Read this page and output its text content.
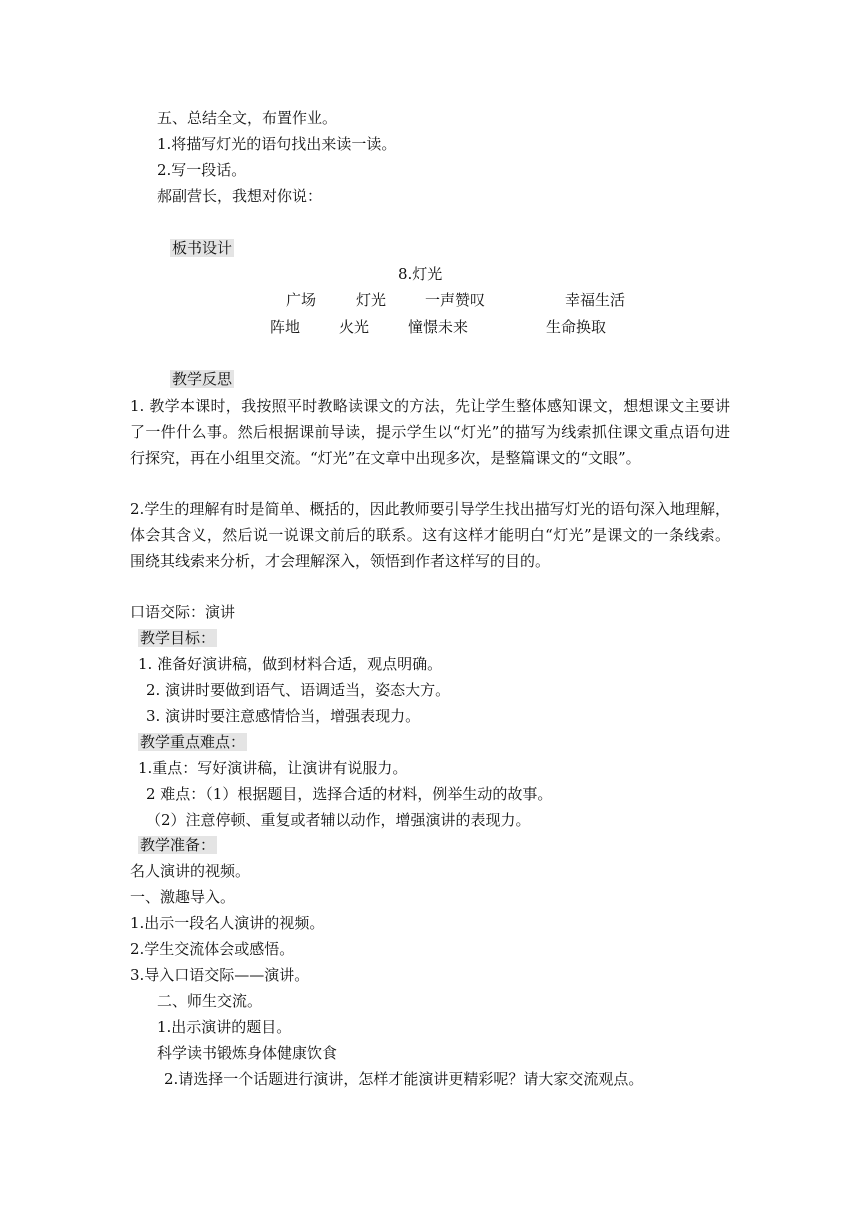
五、总结全文，布置作业。
1.将描写灯光的语句找出来读一读。
2.写一段话。
郝副营长，我想对你说：
板书设计
8.灯光
广场	灯光	一声赞叹	幸福生活
阵地	火光	憧憬未来	生命换取
教学反思
1. 教学本课时，我按照平时教略读课文的方法，先让学生整体感知课文，想想课文主要讲了一件什么事。然后根据课前导读，提示学生以“灯光”的描写为线索抓住课文重点语句进行探究，再在小组里交流。“灯光”在文章中出现多次，是整篇课文的“文眼”。
2.学生的理解有时是简单、概括的，因此教师要引导学生找出描写灯光的语句深入地理解，体会其含义，然后说一说课文前后的联系。这有这样才能明白“灯光”是课文的一条线索。围绕其线索来分析，才会理解深入，领悟到作者这样写的目的。
口语交际：演讲
教学目标：
1. 准备好演讲稿，做到材料合适，观点明确。
2. 演讲时要做到语气、语调适当，姿态大方。
3. 演讲时要注意感情恰当，增强表现力。
教学重点难点：
1.重点：写好演讲稿，让演讲有说服力。
2 难点：（1）根据题目，选择合适的材料，例举生动的故事。
（2）注意停顿、重复或者辅以动作，增强演讲的表现力。
教学准备：
名人演讲的视频。
一、激趣导入。
1.出示一段名人演讲的视频。
2.学生交流体会或感悟。
3.导入口语交际——演讲。
二、师生交流。
1.出示演讲的题目。
科学读书锻炼身体健康饮食
2.请选择一个话题进行演讲，怎样才能演讲更精彩呢？请大家交流观点。
